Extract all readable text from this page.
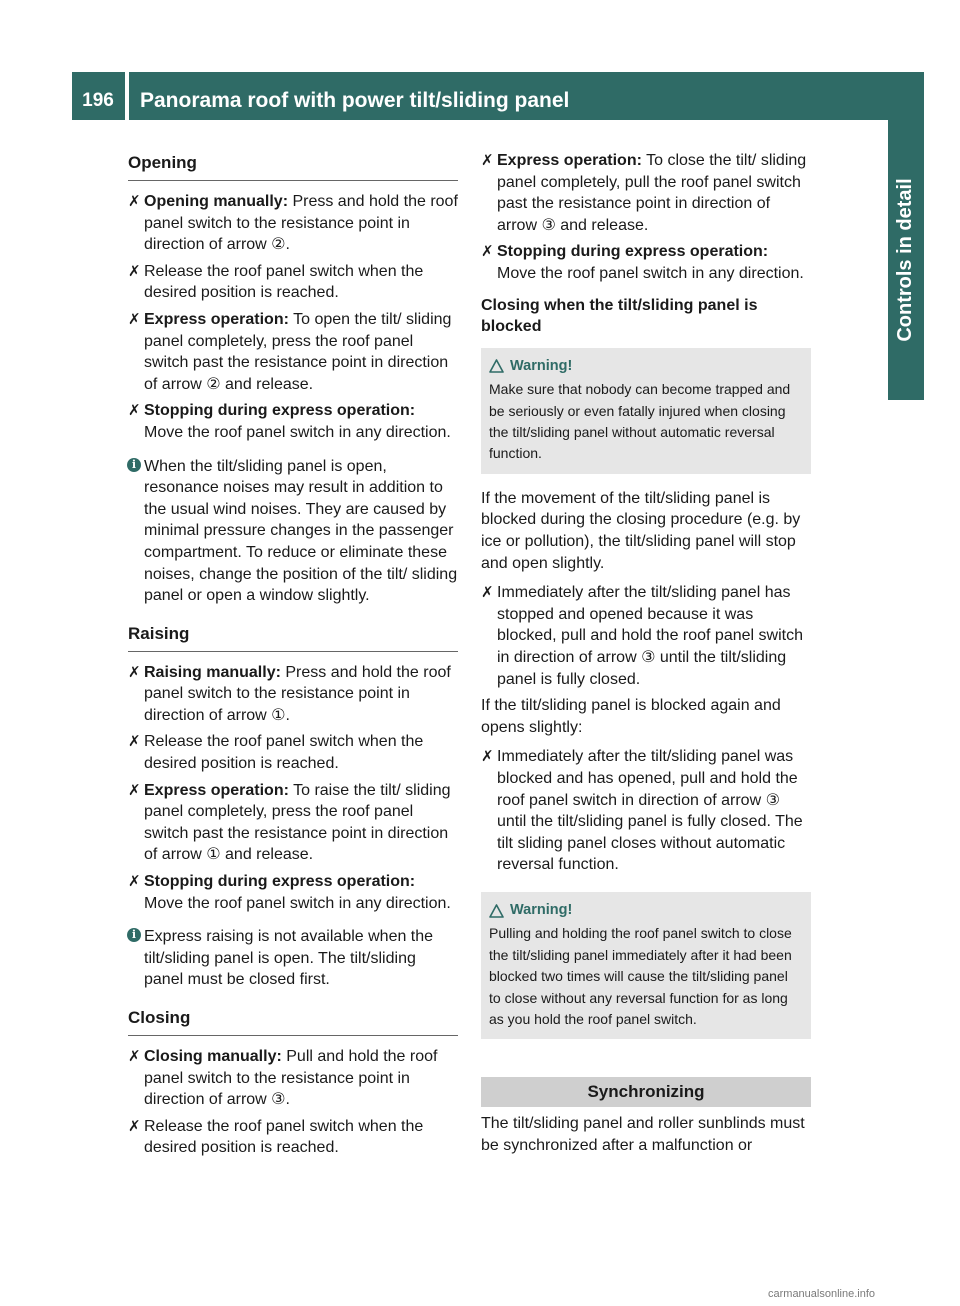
196	Panorama roof with power tilt/sliding panel
Controls in detail
Opening
✗ Opening manually: Press and hold the roof panel switch to the resistance point in direction of arrow ②.
✗ Release the roof panel switch when the desired position is reached.
✗ Express operation: To open the tilt/ sliding panel completely, press the roof panel switch past the resistance point in direction of arrow ② and release.
✗ Stopping during express operation: Move the roof panel switch in any direction.
i When the tilt/sliding panel is open, resonance noises may result in addition to the usual wind noises. They are caused by minimal pressure changes in the passenger compartment. To reduce or eliminate these noises, change the position of the tilt/ sliding panel or open a window slightly.
Raising
✗ Raising manually: Press and hold the roof panel switch to the resistance point in direction of arrow ①.
✗ Release the roof panel switch when the desired position is reached.
✗ Express operation: To raise the tilt/ sliding panel completely, press the roof panel switch past the resistance point in direction of arrow ① and release.
✗ Stopping during express operation: Move the roof panel switch in any direction.
i Express raising is not available when the tilt/sliding panel is open. The tilt/sliding panel must be closed first.
Closing
✗ Closing manually: Pull and hold the roof panel switch to the resistance point in direction of arrow ③.
✗ Release the roof panel switch when the desired position is reached.
✗ Express operation: To close the tilt/ sliding panel completely, pull the roof panel switch past the resistance point in direction of arrow ③ and release.
✗ Stopping during express operation: Move the roof panel switch in any direction.
Closing when the tilt/sliding panel is blocked
Warning!
Make sure that nobody can become trapped and be seriously or even fatally injured when closing the tilt/sliding panel without automatic reversal function.

If the movement of the tilt/sliding panel is blocked during the closing procedure (e.g. by ice or pollution), the tilt/sliding panel will stop and open slightly.

✗ Immediately after the tilt/sliding panel has stopped and opened because it was blocked, pull and hold the roof panel switch in direction of arrow ③ until the tilt/sliding panel is fully closed.

If the tilt/sliding panel is blocked again and opens slightly:

✗ Immediately after the tilt/sliding panel was blocked and has opened, pull and hold the roof panel switch in direction of arrow ③ until the tilt/sliding panel is fully closed. The tilt sliding panel closes without automatic reversal function.
Warning!
Pulling and holding the roof panel switch to close the tilt/sliding panel immediately after it had been blocked two times will cause the tilt/sliding panel to close without any reversal function for as long as you hold the roof panel switch.
Synchronizing

The tilt/sliding panel and roller sunblinds must be synchronized after a malfunction or

carmanualsonline.info
